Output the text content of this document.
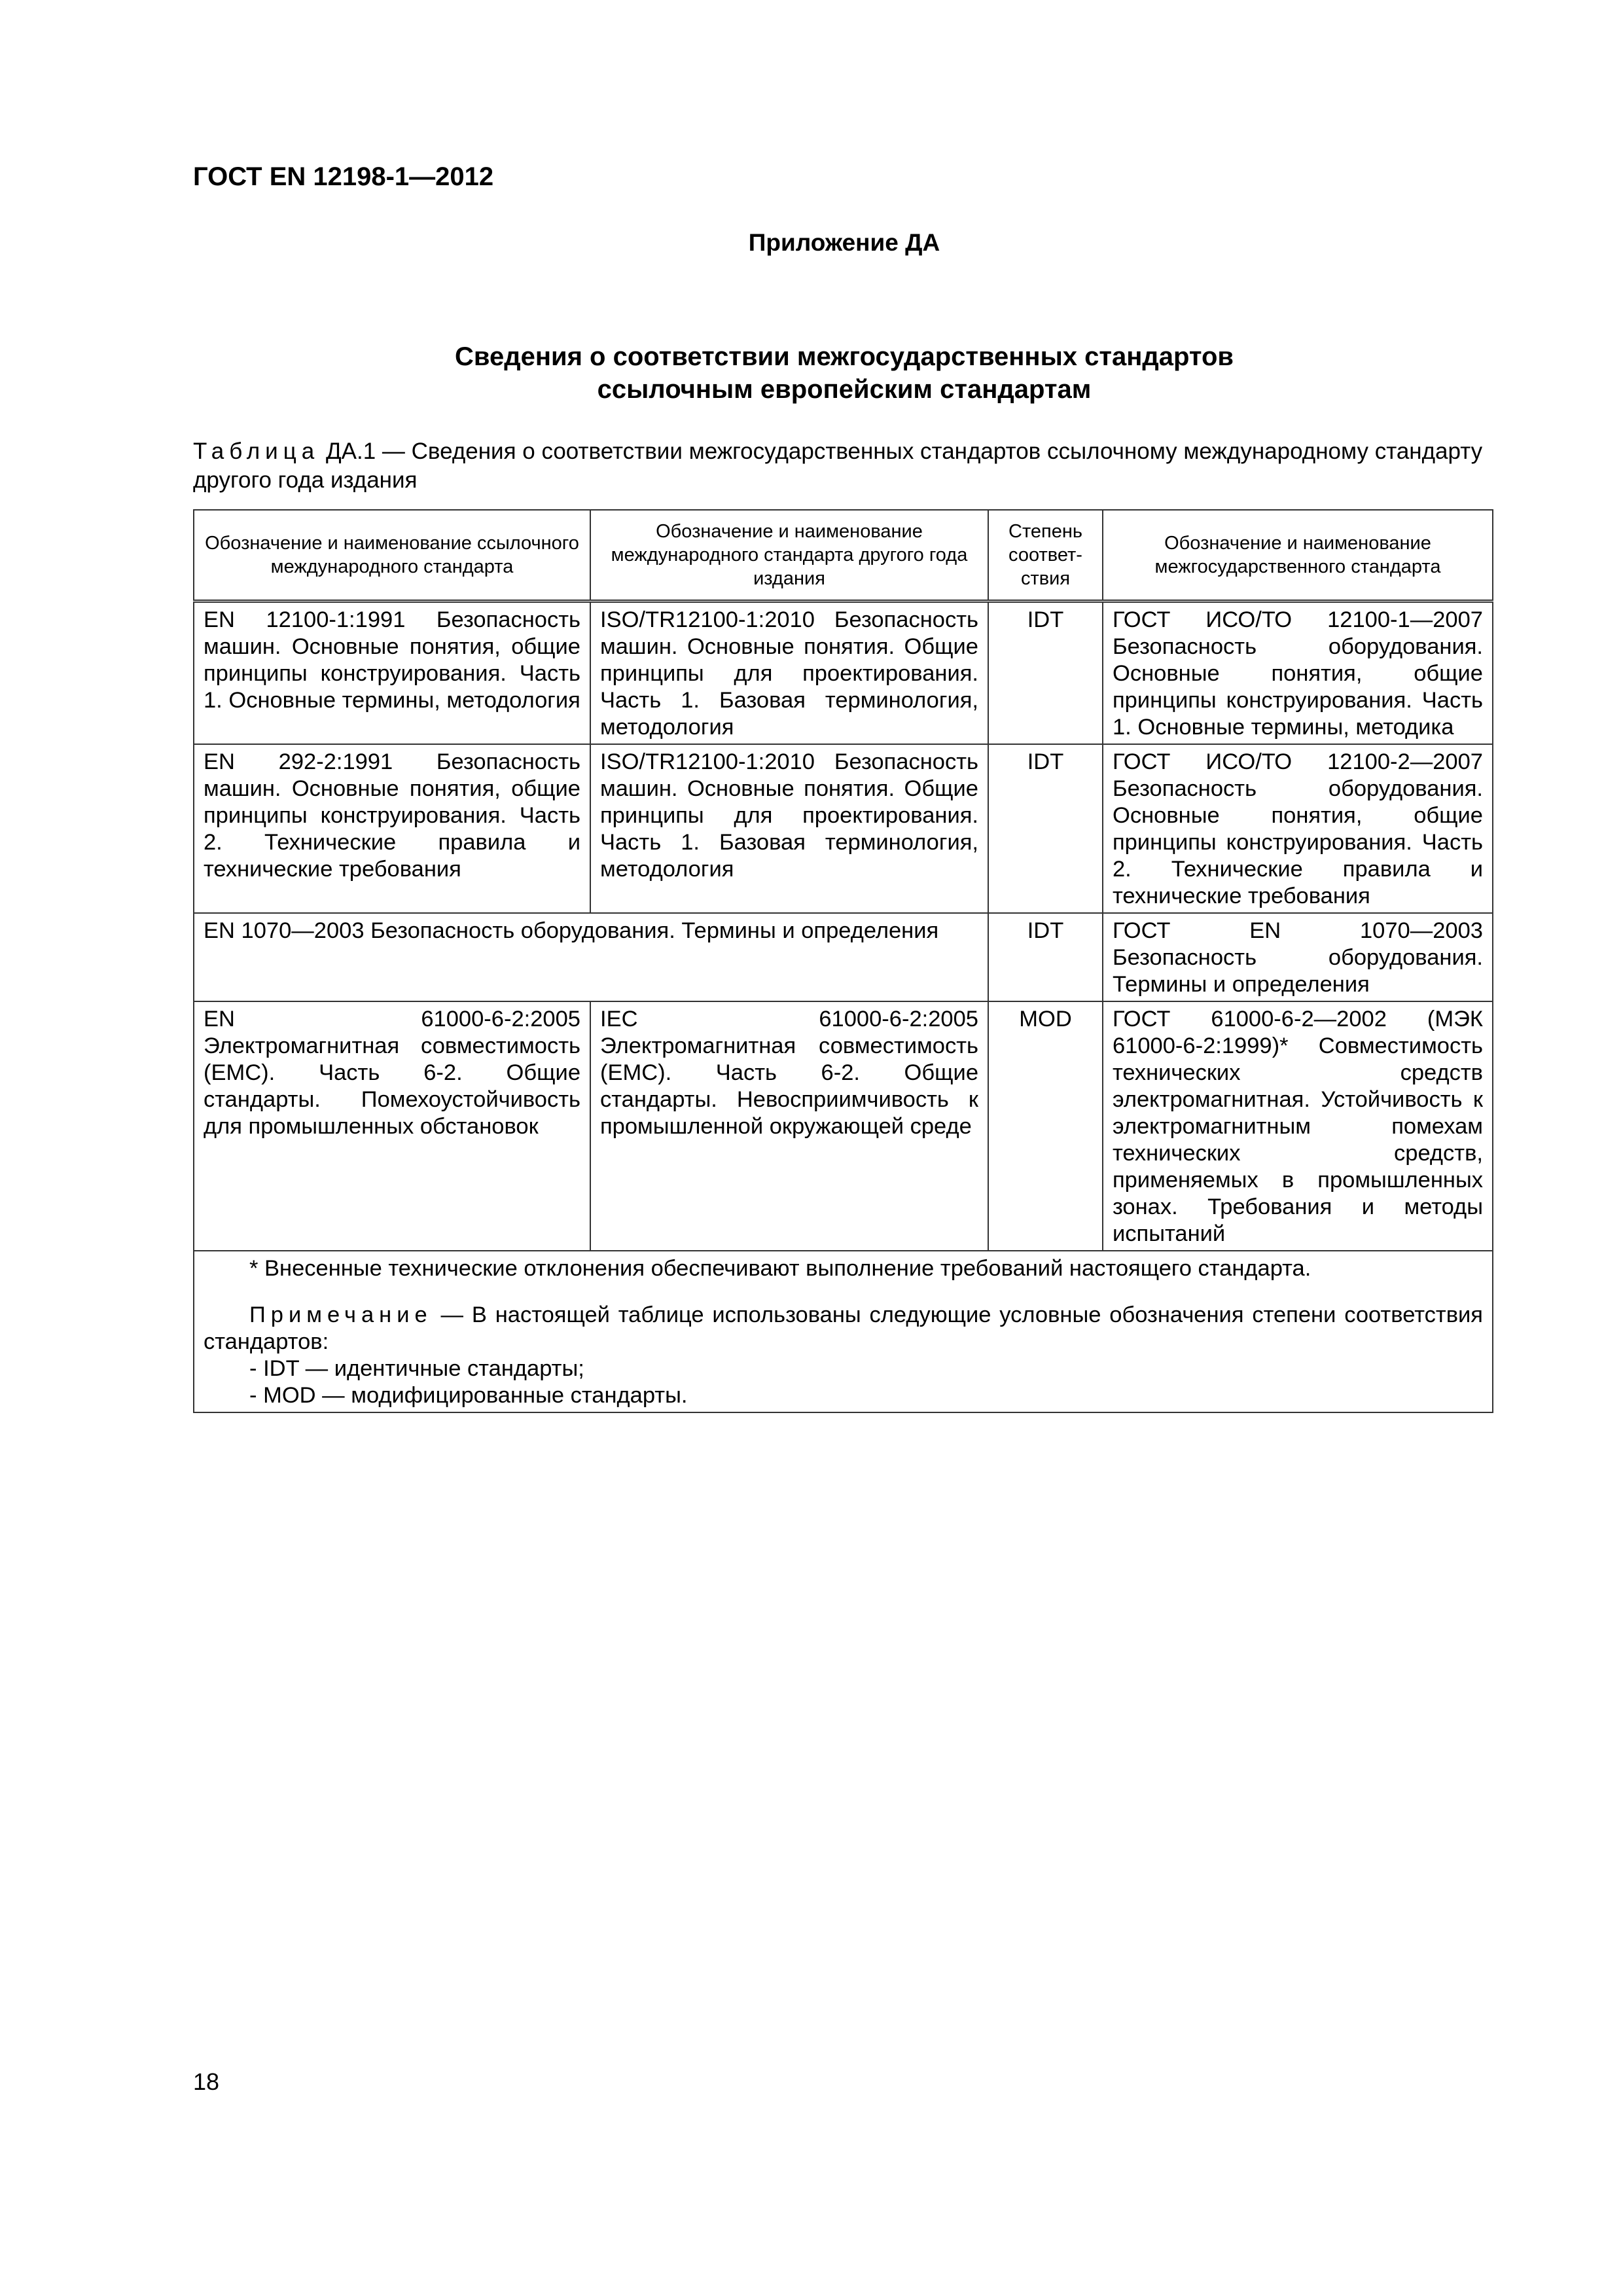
ГОСТ EN 12198-1—2012
Приложение ДА
Сведения о соответствии межгосударственных стандартов
ссылочным европейским стандартам
Таблица ДА.1 — Сведения о соответствии межгосударственных стандартов ссылочному международному стандарту другого года издания
Обозначение и наименование ссылочного международного стандарта	Обозначение и наименование международного стандарта другого года издания	Степень соответ-ствия	Обозначение и наименование межгосударственного стандарта
EN 12100-1:1991 Безопасность машин. Основные понятия, общие принципы конструирования. Часть 1. Основные термины, методология	ISO/TR12100-1:2010 Безопасность машин. Основные понятия. Общие принципы для проектирования. Часть 1. Базовая терминология, методология	IDT	ГОСТ ИСО/ТО 12100-1—2007 Безопасность оборудования. Основные понятия, общие принципы конструирования. Часть 1. Основные термины, методика
EN 292-2:1991 Безопасность машин. Основные понятия, общие принципы конструирования. Часть 2. Технические правила и технические требования	ISO/TR12100-1:2010 Безопасность машин. Основные понятия. Общие принципы для проектирования. Часть 1. Базовая терминология, методология	IDT	ГОСТ ИСО/ТО 12100-2—2007 Безопасность оборудования. Основные понятия, общие принципы конструирования. Часть 2. Технические правила и технические требования
EN 1070—2003 Безопасность оборудования. Термины и определения		IDT	ГОСТ EN 1070—2003 Безопасность оборудования. Термины и определения
EN 61000-6-2:2005 Электромагнитная совместимость (EMC). Часть 6-2. Общие стандарты. Помехоустойчивость для промышленных обстановок	IEC 61000-6-2:2005 Электромагнитная совместимость (EMC). Часть 6-2. Общие стандарты. Невосприимчивость к промышленной окружающей среде	MOD	ГОСТ 61000-6-2—2002 (МЭК 61000-6-2:1999)* Совместимость технических средств электромагнитная. Устойчивость к электромагнитным помехам технических средств, применяемых в промышленных зонах. Требования и методы испытаний

* Внесенные технические отклонения обеспечивают выполнение требований настоящего стандарта.
Примечание — В настоящей таблице использованы следующие условные обозначения степени соответствия стандартов:
- IDT — идентичные стандарты;
- MOD — модифицированные стандарты.			
18
